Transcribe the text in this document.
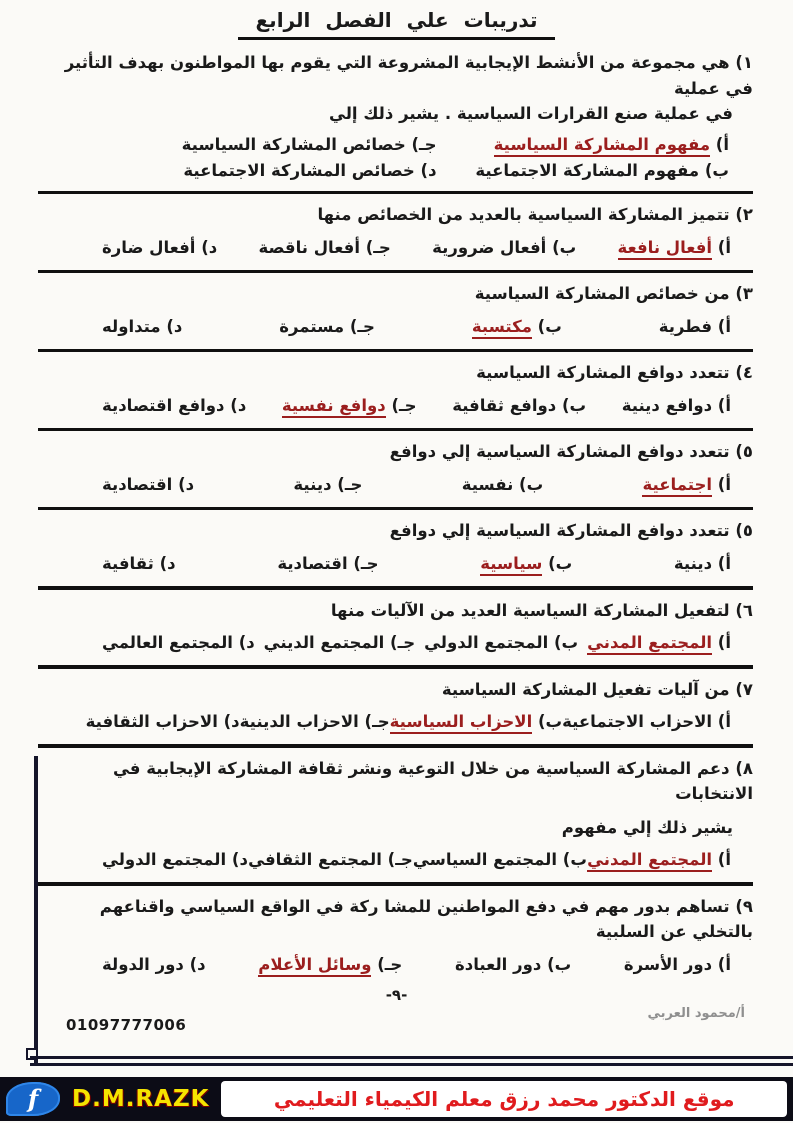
تدريبات علي الفصل الرابع
١) هي مجموعة من الأنشط الإيجابية المشروعة التي يقوم بها المواطنون بهدف التأثير في عملية
في عملية صنع القرارات السياسية . يشير ذلك إلي
أ) مفهوم المشاركة السياسية
جـ) خصائص المشاركة السياسية
ب) مفهوم المشاركة الاجتماعية
د) خصائص المشاركة الاجتماعية
٢) تتميز المشاركة السياسية بالعديد من الخصائص منها
أ) أفعال نافعة
ب) أفعال ضرورية
جـ) أفعال ناقصة
د) أفعال ضارة
٣) من خصائص المشاركة السياسية
أ) فطرية
ب) مكتسبة
جـ) مستمرة
د) متداوله
٤) تتعدد دوافع المشاركة السياسية
أ) دوافع دينية
ب) دوافع ثقافية
جـ) دوافع نفسية
د) دوافع اقتصادية
٥) تتعدد دوافع المشاركة السياسية إلي دوافع
أ) اجتماعية
ب) نفسية
جـ) دينية
د) اقتصادية
٥) تتعدد دوافع المشاركة السياسية إلي دوافع
أ) دينية
ب) سياسية
جـ) اقتصادية
د) ثقافية
٦) لتفعيل المشاركة السياسية العديد من الآليات منها
أ) المجتمع المدني
ب) المجتمع الدولي
جـ) المجتمع الديني
د) المجتمع العالمي
٧) من آليات تفعيل المشاركة السياسية
أ) الاحزاب الاجتماعية
ب) الاحزاب السياسية
جـ) الاحزاب الدينية
د) الاحزاب الثقافية
٨) دعم المشاركة السياسية من خلال التوعية ونشر ثقافة المشاركة الإيجابية في الانتخابات
يشير ذلك إلي مفهوم
أ) المجتمع المدني
ب) المجتمع السياسي
جـ) المجتمع الثقافي
د) المجتمع الدولي
٩) تساهم بدور مهم في دفع المواطنين للمشا ركة في الواقع السياسي واقناعهم بالتخلي عن السلبية
أ) دور الأسرة
ب) دور العبادة
جـ) وسائل الأعلام
د) دور الدولة
-٩-
أ/محمود العربي
01097777006
f D.M.RAZK	موقع الدكتور محمد رزق معلم الكيمياء التعليمي
